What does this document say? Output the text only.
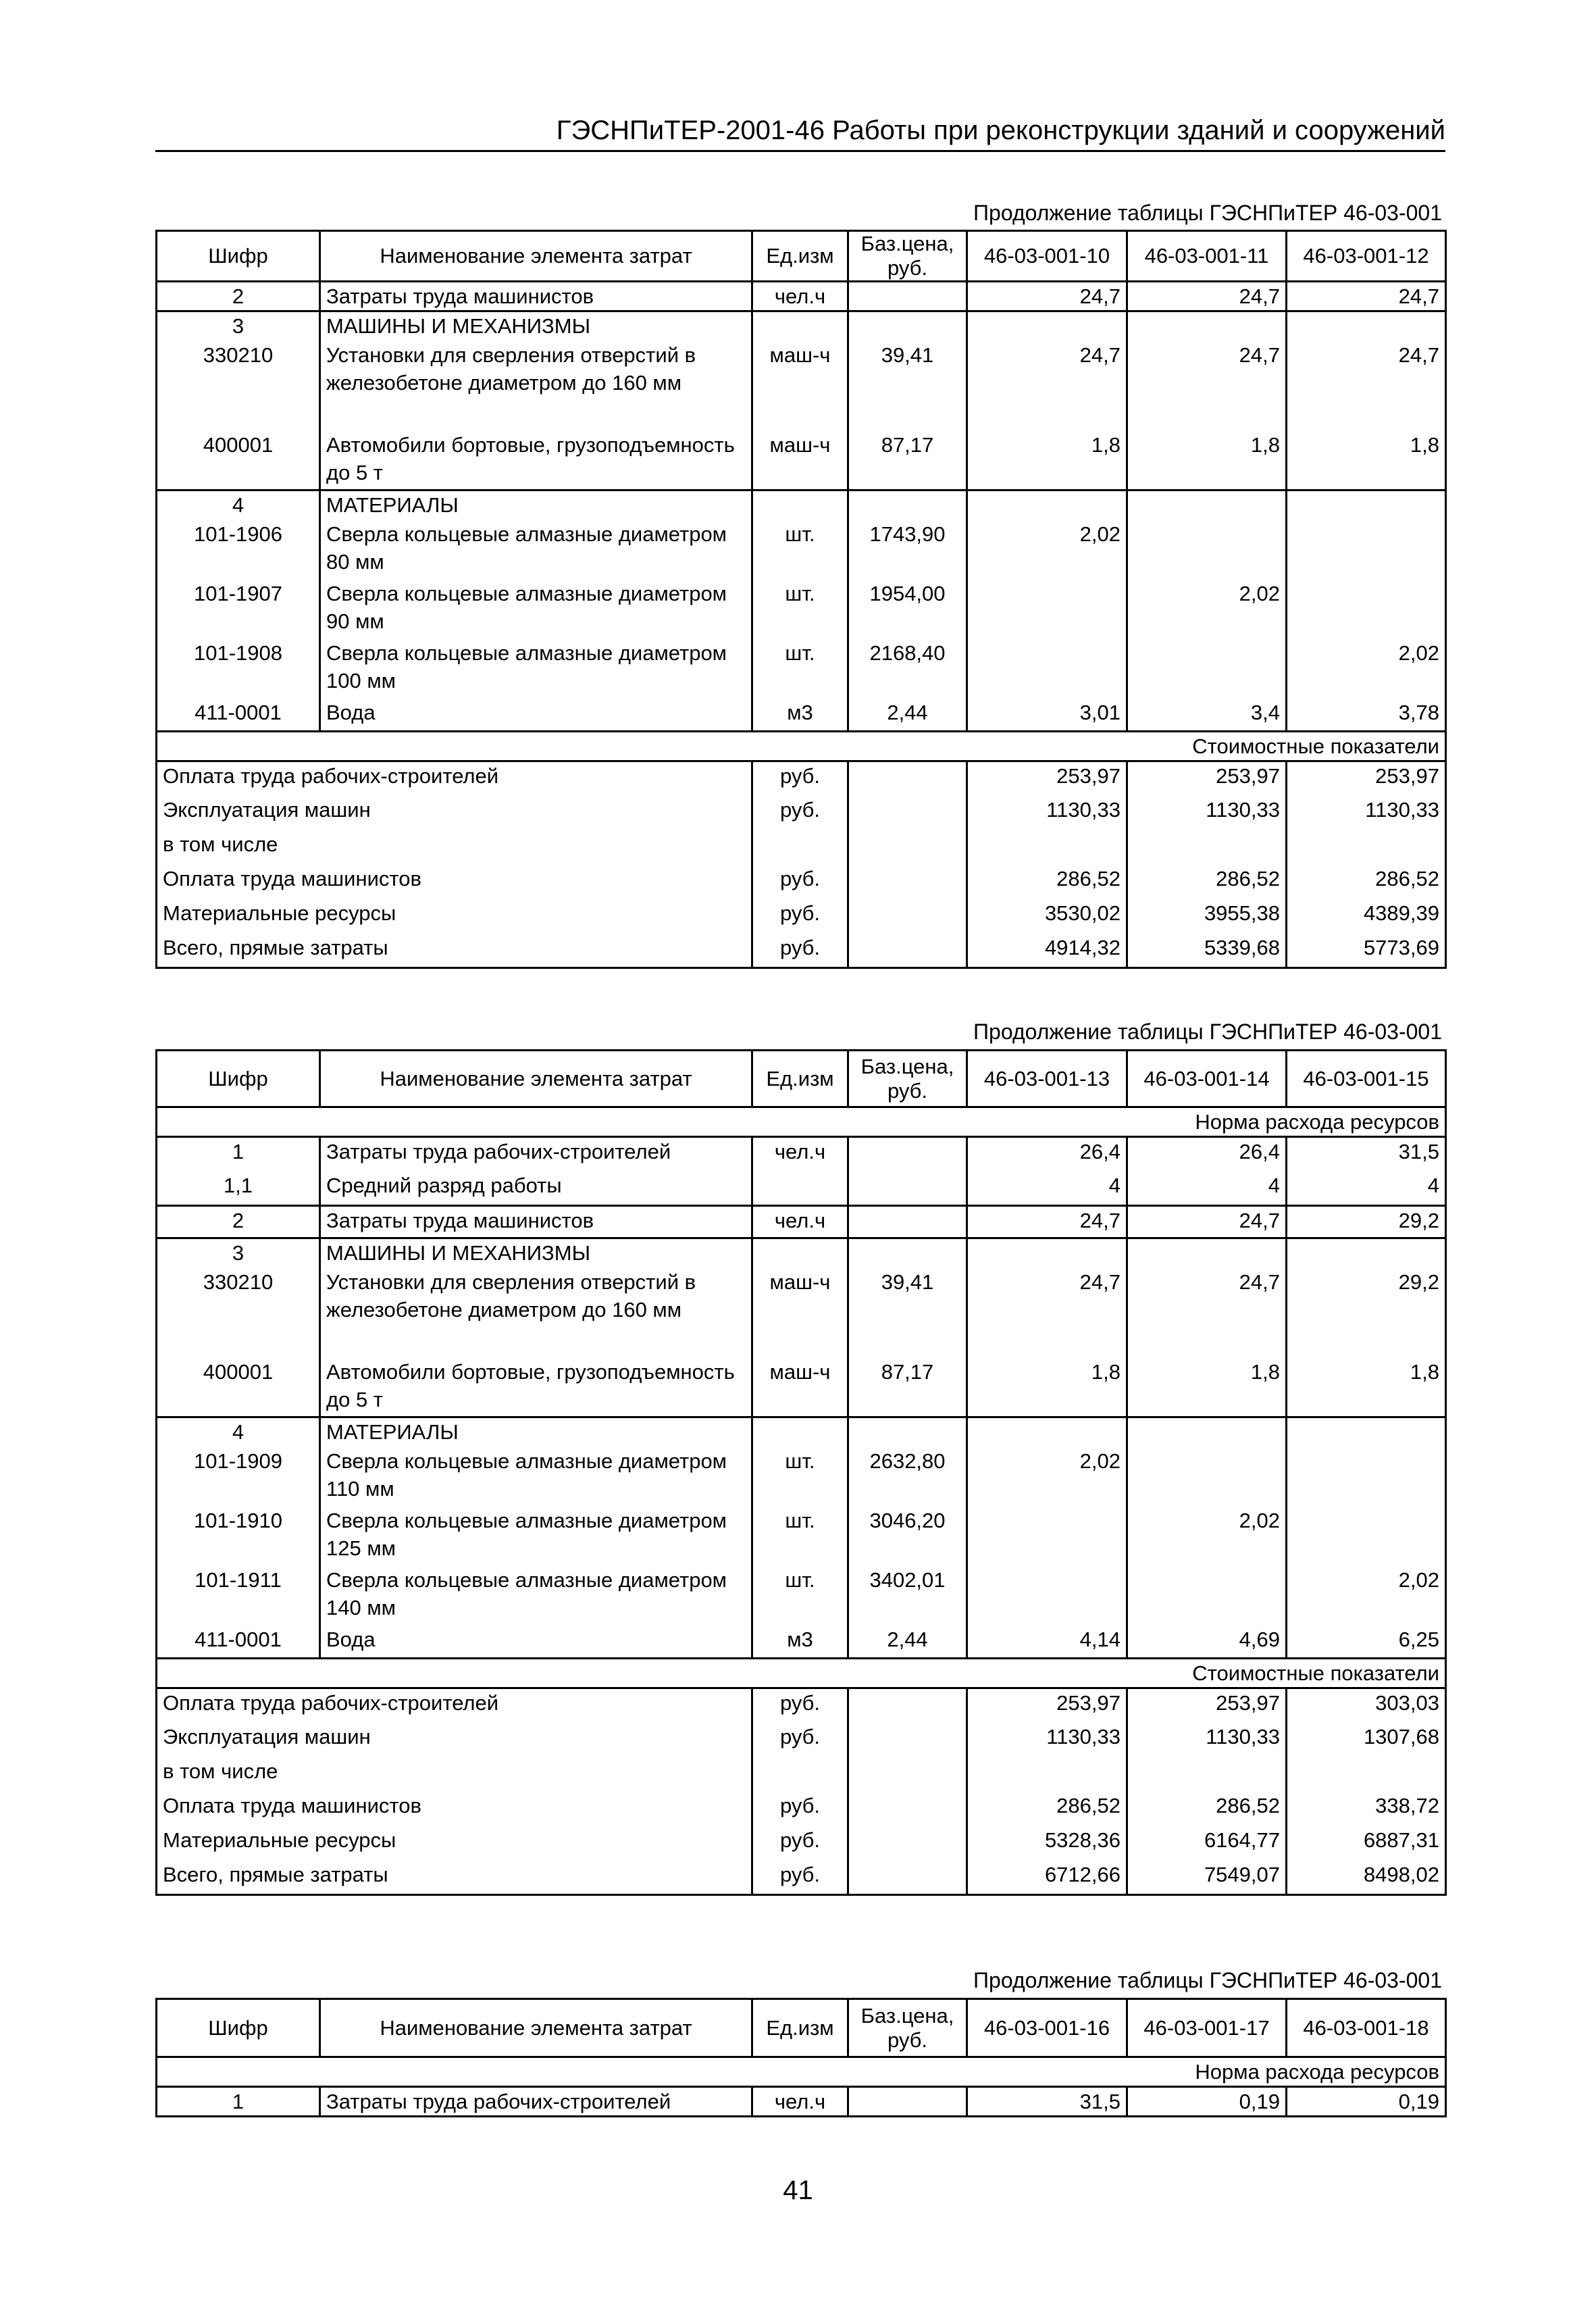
ГЭСНПиТЕР-2001-46 Работы при реконструкции зданий и сооружений
Продолжение таблицы ГЭСНПиТЕР 46-03-001
Шифр	Наименование элемента затрат	Ед.изм	Баз.цена, руб.	46-03-001-10	46-03-001-11	46-03-001-12
2	Затраты труда машинистов	чел.ч		24,7	24,7	24,7
3	МАШИНЫ И МЕХАНИЗМЫ					
330210	Установки для сверления отверстий в железобетоне диаметром до 160 мм	маш-ч	39,41	24,7	24,7	24,7
400001	Автомобили бортовые, грузоподъемность до 5 т	маш-ч	87,17	1,8	1,8	1,8
4	МАТЕРИАЛЫ					
101-1906	Сверла кольцевые алмазные диаметром 80 мм	шт.	1743,90	2,02		
101-1907	Сверла кольцевые алмазные диаметром 90 мм	шт.	1954,00		2,02	
101-1908	Сверла кольцевые алмазные диаметром 100 мм	шт.	2168,40			2,02
411-0001	Вода	м3	2,44	3,01	3,4	3,78
Стоимостные показатели						
Оплата труда рабочих-строителей		руб.		253,97	253,97	253,97
Эксплуатация машин		руб.		1130,33	1130,33	1130,33
в том числе						
Оплата труда машинистов		руб.		286,52	286,52	286,52
Материальные ресурсы		руб.		3530,02	3955,38	4389,39
Всего, прямые затраты		руб.		4914,32	5339,68	5773,69
Продолжение таблицы ГЭСНПиТЕР 46-03-001
Шифр	Наименование элемента затрат	Ед.изм	Баз.цена, руб.	46-03-001-13	46-03-001-14	46-03-001-15
Норма расхода ресурсов						
1	Затраты труда рабочих-строителей	чел.ч		26,4	26,4	31,5
1,1	Средний разряд работы			4	4	4
2	Затраты труда машинистов	чел.ч		24,7	24,7	29,2
3	МАШИНЫ И МЕХАНИЗМЫ					
330210	Установки для сверления отверстий в железобетоне диаметром до 160 мм	маш-ч	39,41	24,7	24,7	29,2
400001	Автомобили бортовые, грузоподъемность до 5 т	маш-ч	87,17	1,8	1,8	1,8
4	МАТЕРИАЛЫ					
101-1909	Сверла кольцевые алмазные диаметром 110 мм	шт.	2632,80	2,02		
101-1910	Сверла кольцевые алмазные диаметром 125 мм	шт.	3046,20		2,02	
101-1911	Сверла кольцевые алмазные диаметром 140 мм	шт.	3402,01			2,02
411-0001	Вода	м3	2,44	4,14	4,69	6,25
Стоимостные показатели						
Оплата труда рабочих-строителей		руб.		253,97	253,97	303,03
Эксплуатация машин		руб.		1130,33	1130,33	1307,68
в том числе						
Оплата труда машинистов		руб.		286,52	286,52	338,72
Материальные ресурсы		руб.		5328,36	6164,77	6887,31
Всего, прямые затраты		руб.		6712,66	7549,07	8498,02
Продолжение таблицы ГЭСНПиТЕР 46-03-001
Шифр	Наименование элемента затрат	Ед.изм	Баз.цена, руб.	46-03-001-16	46-03-001-17	46-03-001-18
Норма расхода ресурсов						
1	Затраты труда рабочих-строителей	чел.ч		31,5	0,19	0,19
41
